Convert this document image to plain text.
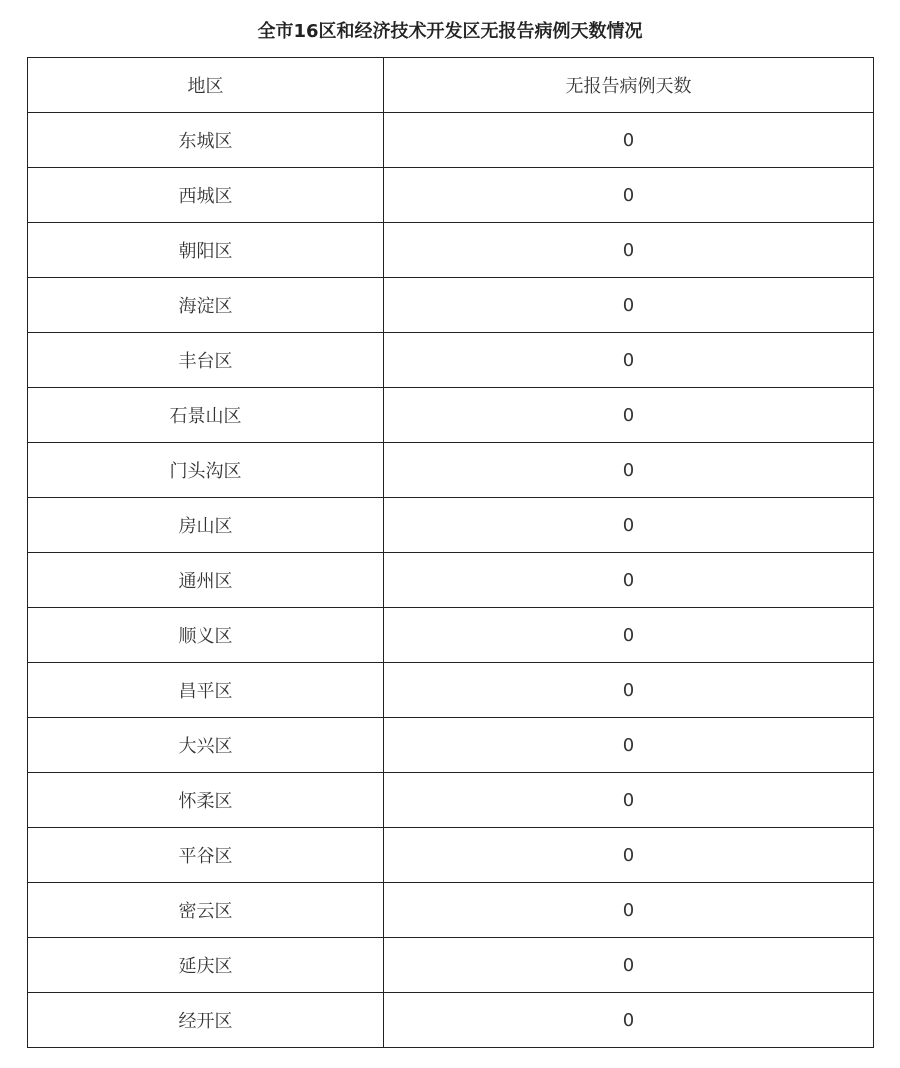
全市16区和经济技术开发区无报告病例天数情况
地区	无报告病例天数
东城区	0
西城区	0
朝阳区	0
海淀区	0
丰台区	0
石景山区	0
门头沟区	0
房山区	0
通州区	0
顺义区	0
昌平区	0
大兴区	0
怀柔区	0
平谷区	0
密云区	0
延庆区	0
经开区	0
